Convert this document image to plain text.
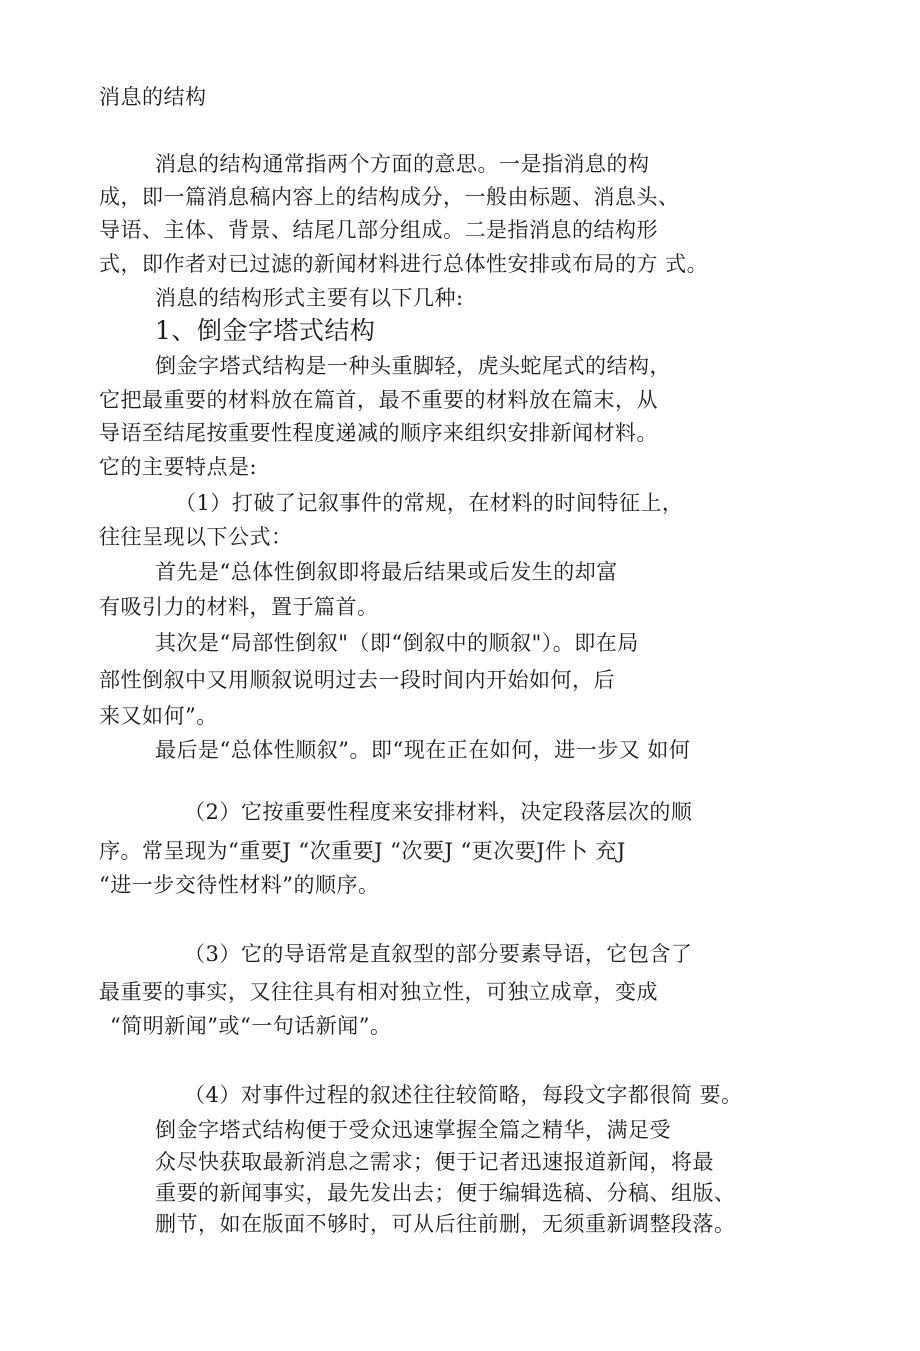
消息的结构
消息的结构通常指两个方面的意思。一是指消息的构
成，即一篇消息稿内容上的结构成分，一般由标题、消息头、
导语、主体、背景、结尾几部分组成。二是指消息的结构形
式，即作者对已过滤的新闻材料进行总体性安排或布局的方 式。
消息的结构形式主要有以下几种:
1、倒金字塔式结构
倒金字塔式结构是一种头重脚轻，虎头蛇尾式的结构，
它把最重要的材料放在篇首，最不重要的材料放在篇末，从
导语至结尾按重要性程度递减的顺序来组织安排新闻材料。
它的主要特点是:
（1）打破了记叙事件的常规，在材料的时间特征上，
往往呈现以下公式：
首先是“总体性倒叙即将最后结果或后发生的却富
有吸引力的材料，置于篇首。
其次是“局部性倒叙"（即“倒叙中的顺叙"）。即在局
部性倒叙中又用顺叙说明过去一段时间内开始如何，后
来又如何”。
最后是“总体性顺叙”。即“现在正在如何，进一步又 如何
（2）它按重要性程度来安排材料，决定段落层次的顺
序。常呈现为“重要J “次重要J “次要J “更次要J件卜 充J
“进一步交待性材料”的顺序。
（3）它的导语常是直叙型的部分要素导语，它包含了
最重要的事实，又往往具有相对独立性，可独立成章，变成
“简明新闻”或“一句话新闻”。
（4）对事件过程的叙述往往较简略，每段文字都很简 要。
倒金字塔式结构便于受众迅速掌握全篇之精华，满足受
众尽快获取最新消息之需求；便于记者迅速报道新闻，将最
重要的新闻事实，最先发出去；便于编辑选稿、分稿、组版、
删节，如在版面不够时，可从后往前删，无须重新调整段落。
